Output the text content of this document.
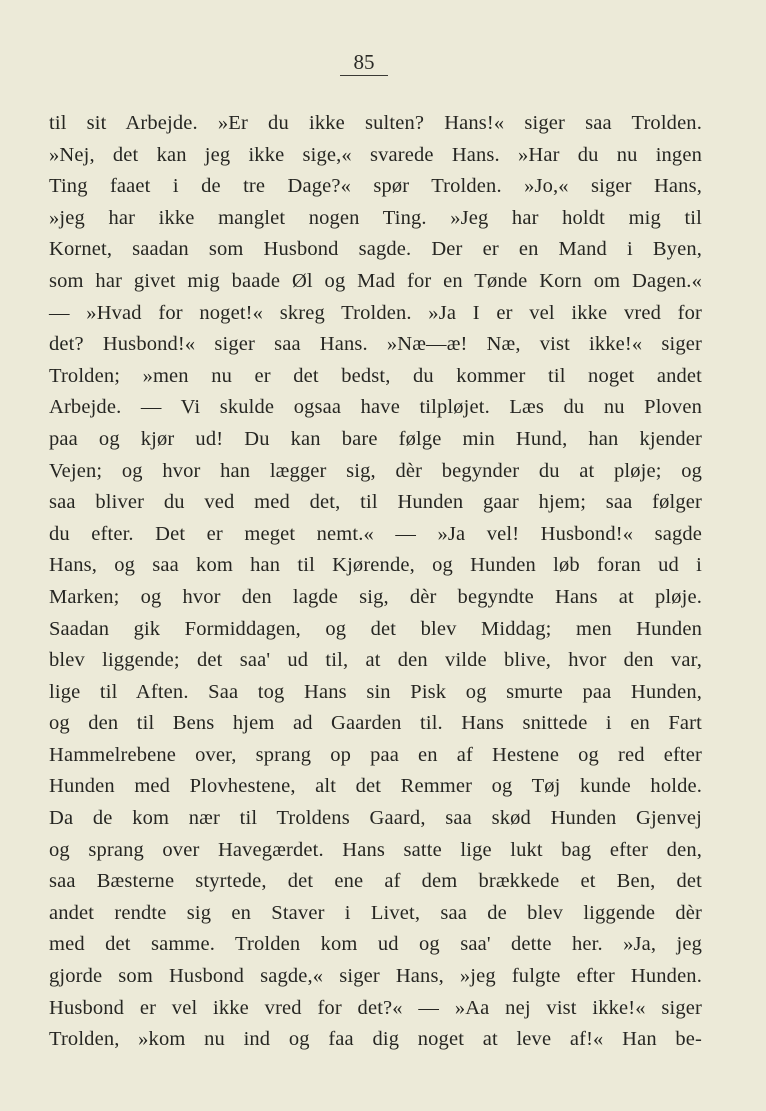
85
til sit Arbejde. »Er du ikke sulten? Hans!« siger saa Trolden.
»Nej, det kan jeg ikke sige,« svarede Hans. »Har du nu ingen
Ting faaet i de tre Dage?« spør Trolden. »Jo,« siger Hans,
»jeg har ikke manglet nogen Ting. »Jeg har holdt mig til
Kornet, saadan som Husbond sagde. Der er en Mand i Byen,
som har givet mig baade Øl og Mad for en Tønde Korn om Dagen.«
— »Hvad for noget!« skreg Trolden. »Ja I er vel ikke vred for
det? Husbond!« siger saa Hans. »Næ—æ! Næ, vist ikke!« siger
Trolden; »men nu er det bedst, du kommer til noget andet
Arbejde. — Vi skulde ogsaa have tilpløjet. Læs du nu Ploven
paa og kjør ud! Du kan bare følge min Hund, han kjender
Vejen; og hvor han lægger sig, dèr begynder du at pløje; og
saa bliver du ved med det, til Hunden gaar hjem; saa følger
du efter. Det er meget nemt.« — »Ja vel! Husbond!« sagde
Hans, og saa kom han til Kjørende, og Hunden løb foran ud i
Marken; og hvor den lagde sig, dèr begyndte Hans at pløje.
Saadan gik Formiddagen, og det blev Middag; men Hunden
blev liggende; det saa' ud til, at den vilde blive, hvor den var,
lige til Aften. Saa tog Hans sin Pisk og smurte paa Hunden,
og den til Bens hjem ad Gaarden til. Hans snittede i en Fart
Hammelrebene over, sprang op paa en af Hestene og red efter
Hunden med Plovhestene, alt det Remmer og Tøj kunde holde.
Da de kom nær til Troldens Gaard, saa skød Hunden Gjenvej
og sprang over Havegærdet. Hans satte lige lukt bag efter den,
saa Bæsterne styrtede, det ene af dem brækkede et Ben, det
andet rendte sig en Staver i Livet, saa de blev liggende dèr
med det samme. Trolden kom ud og saa' dette her. »Ja, jeg
gjorde som Husbond sagde,« siger Hans, »jeg fulgte efter Hunden.
Husbond er vel ikke vred for det?« — »Aa nej vist ikke!« siger
Trolden, »kom nu ind og faa dig noget at leve af!« Han be-
